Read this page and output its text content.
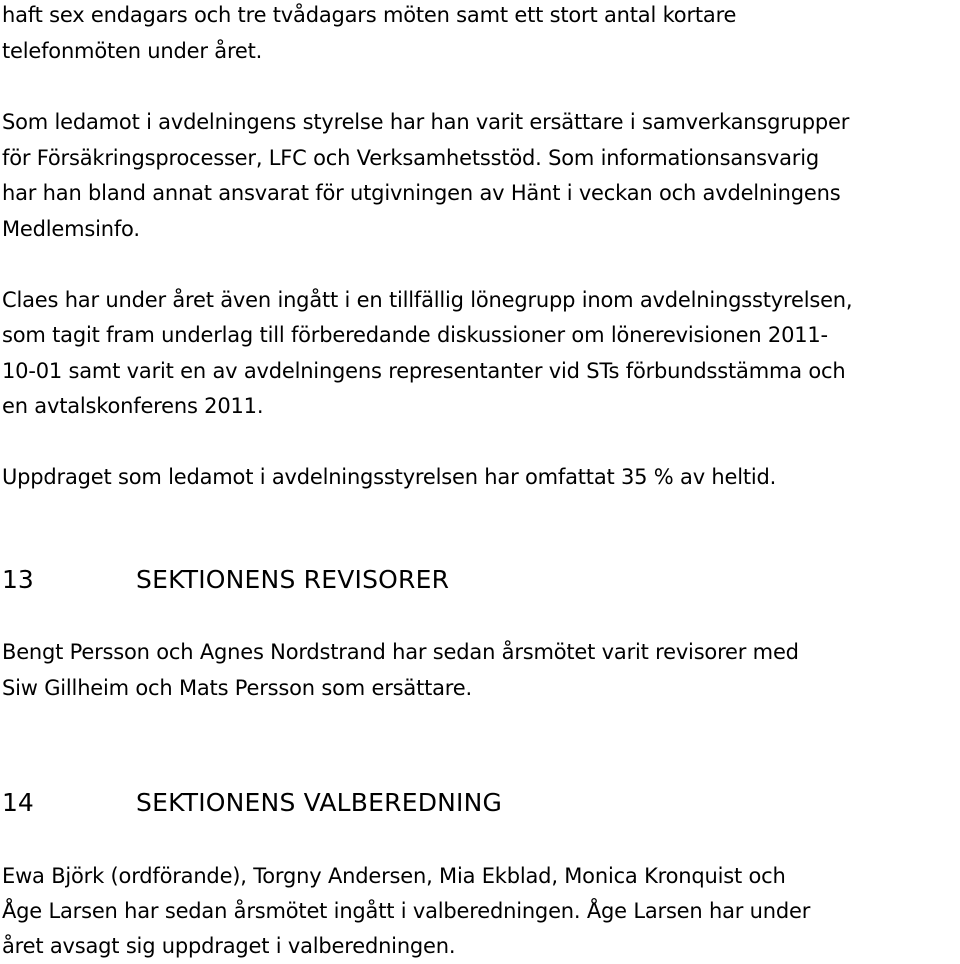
haft sex endagars och tre tvådagars möten samt ett stort antal kortare
telefonmöten under året.
Som ledamot i avdelningens styrelse har han varit ersättare i samverkansgrupper
för Försäkringsprocesser, LFC och Verksamhetsstöd. Som informationsansvarig
har han bland annat ansvarat för utgivningen av Hänt i veckan och avdelningens
Medlemsinfo.
Claes har under året även ingått i en tillfällig lönegrupp inom avdelningsstyrelsen,
som tagit fram underlag till förberedande diskussioner om lönerevisionen 2011-
10-01 samt varit en av avdelningens representanter vid STs förbundsstämma och
en avtalskonferens 2011.
Uppdraget som ledamot i avdelningsstyrelsen har omfattat 35 % av heltid.
13	SEKTIONENS REVISORER
Bengt Persson och Agnes Nordstrand har sedan årsmötet varit revisorer med
Siw Gillheim och Mats Persson som ersättare.
14	SEKTIONENS VALBEREDNING
Ewa Björk (ordförande), Torgny Andersen, Mia Ekblad, Monica Kronquist och
Åge Larsen har sedan årsmötet ingått i valberedningen. Åge Larsen har under
året avsagt sig uppdraget i valberedningen.
